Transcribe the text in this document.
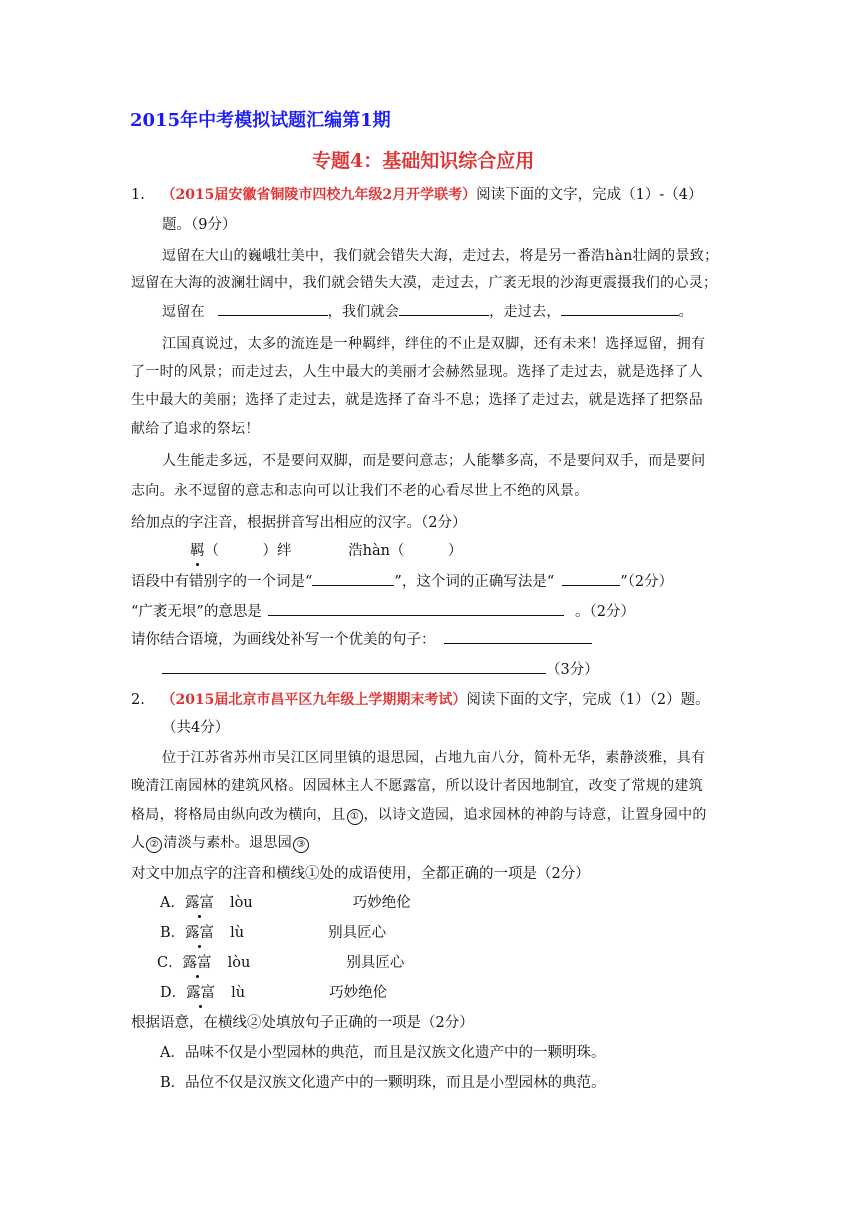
2015年中考模拟试题汇编第1期
专题4：基础知识综合应用
1. （2015届安徽省铜陵市四校九年级2月开学联考）阅读下面的文字，完成（1）-（4）
题。（9分）
逗留在大山的巍峨壮美中，我们就会错失大海，走过去，将是另一番浩hàn壮阔的景致；
逗留在大海的波澜壮阔中，我们就会错失大漠，走过去，广袤无垠的沙海更震摄我们的心灵；
逗留在	，我们就会	，走过去，	。
江国真说过，太多的流连是一种羁绊，绊住的不止是双脚，还有未来！选择逗留，拥有
了一时的风景；而走过去，人生中最大的美丽才会赫然显现。选择了走过去，就是选择了人
生中最大的美丽；选择了走过去，就是选择了奋斗不息；选择了走过去，就是选择了把祭品
献给了追求的祭坛！
人生能走多远，不是要问双脚，而是要问意志；人能攀多高，不是要问双手，而是要问
志向。永不逗留的意志和志向可以让我们不老的心看尽世上不绝的风景。
给加点的字注音，根据拼音写出相应的汉字。（2分）
羁（　　　）绊	浩hàn（　　　）
语段中有错别字的一个词是“	”，这个词的正确写法是“	”（2分）
“广袤无垠”的意思是	。（2分）
请你结合语境，为画线处补写一个优美的句子：
（3分）
2. （2015届北京市昌平区九年级上学期期末考试）阅读下面的文字，完成（1）（2）题。
（共4分）
位于江苏省苏州市吴江区同里镇的退思园，占地九亩八分，简朴无华，素静淡雅，具有
晚清江南园林的建筑风格。因园林主人不愿露富，所以设计者因地制宜，改变了常规的建筑
格局，将格局由纵向改为横向，且 ① ，以诗文造园，追求园林的神韵与诗意，让置身园中的
人 ② 清淡与素朴。退思园 ③
对文中加点字的注音和横线①处的成语使用，全都正确的一项是（2分）
A．露富 lòu	巧妙绝伦
B．露富 lù	别具匠心
C．露富 lòu	别具匠心
D．露富 lù	巧妙绝伦
根据语意，在横线②处填放句子正确的一项是（2分）
A．品味不仅是小型园林的典范，而且是汉族文化遗产中的一颗明珠。
B．品位不仅是汉族文化遗产中的一颗明珠，而且是小型园林的典范。
